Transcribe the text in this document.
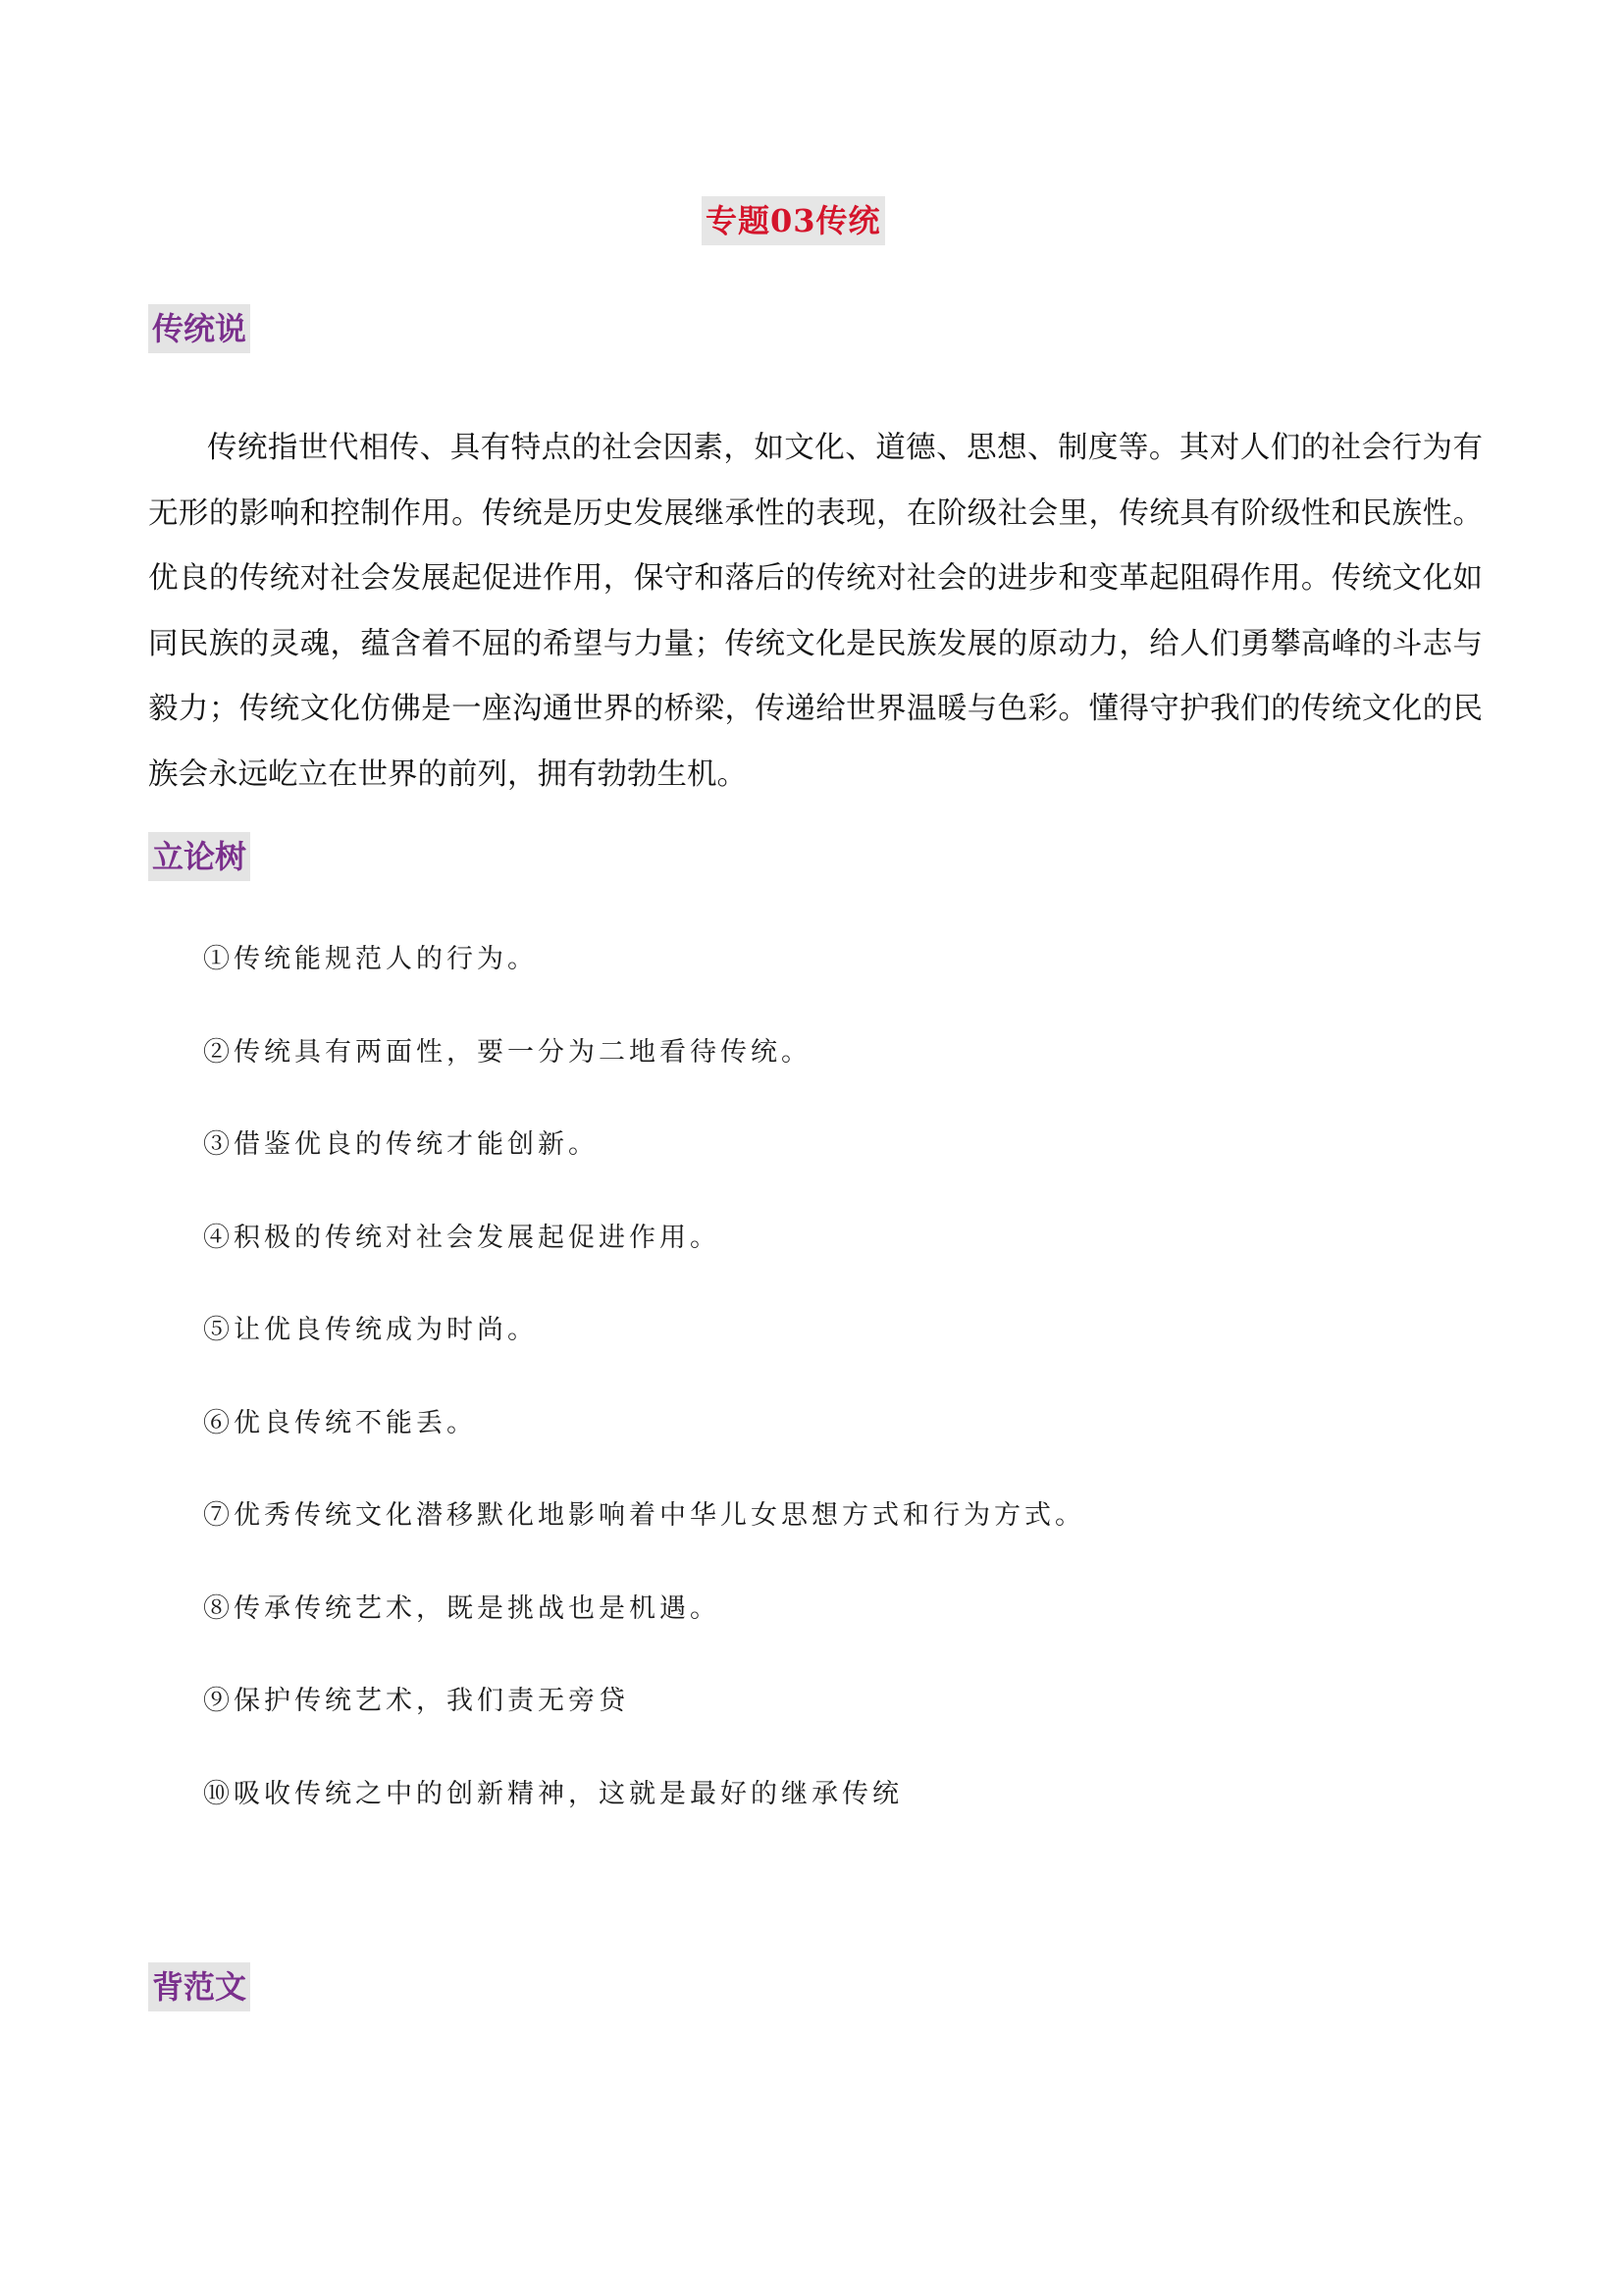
专题03传统
传统说

传统指世代相传、具有特点的社会因素，如文化、道德、思想、制度等。其对人们的社会行为有无形的影响和控制作用。传统是历史发展继承性的表现，在阶级社会里，传统具有阶级性和民族性。优良的传统对社会发展起促进作用，保守和落后的传统对社会的进步和变革起阻碍作用。传统文化如同民族的灵魂，蕴含着不屈的希望与力量；传统文化是民族发展的原动力，给人们勇攀高峰的斗志与毅力；传统文化仿佛是一座沟通世界的桥梁，传递给世界温暖与色彩。懂得守护我们的传统文化的民族会永远屹立在世界的前列，拥有勃勃生机。

立论树
①传统能规范人的行为。
②传统具有两面性，要一分为二地看待传统。
③借鉴优良的传统才能创新。
④积极的传统对社会发展起促进作用。
⑤让优良传统成为时尚。
⑥优良传统不能丢。
⑦优秀传统文化潜移默化地影响着中华儿女思想方式和行为方式。
⑧传承传统艺术，既是挑战也是机遇。
⑨保护传统艺术，我们责无旁贷
⑩吸收传统之中的创新精神，这就是最好的继承传统
背范文
